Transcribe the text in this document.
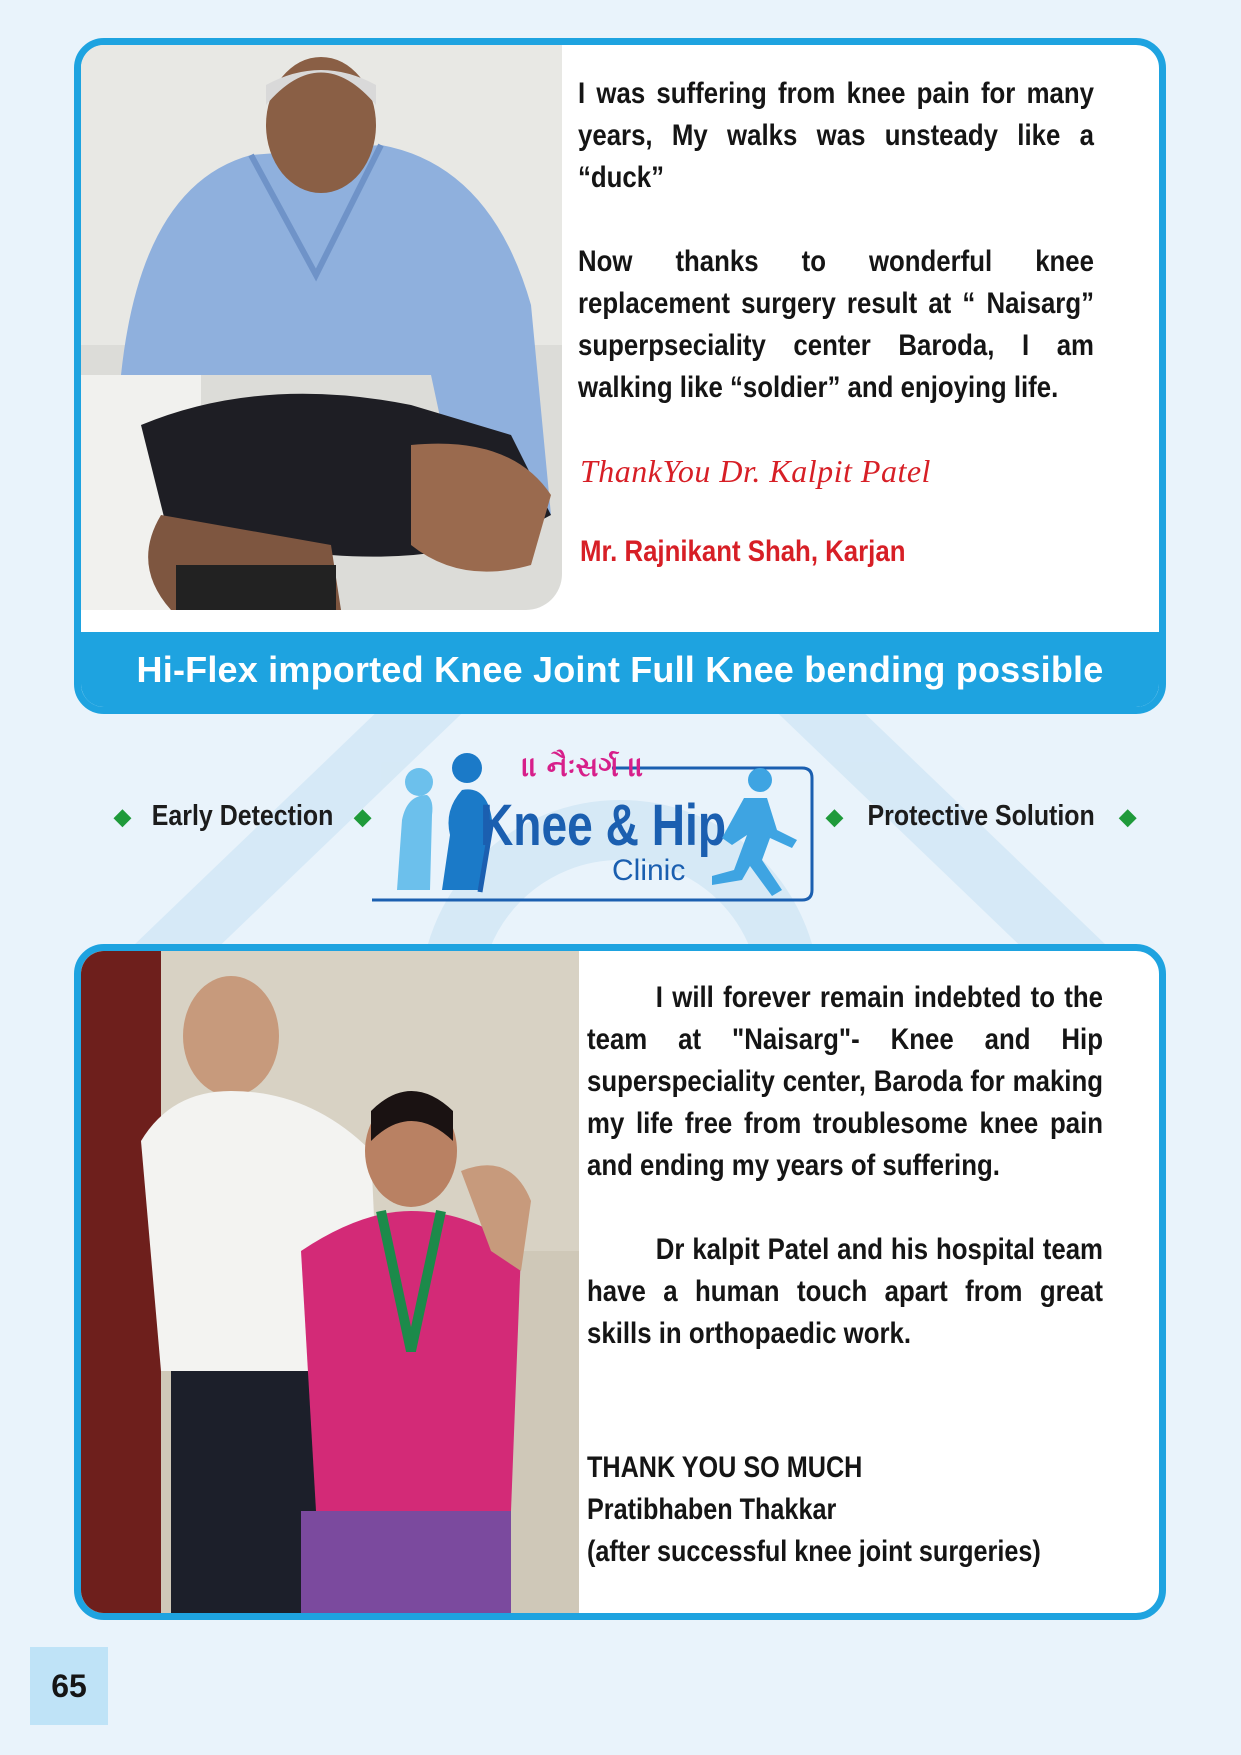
I was suffering from knee pain for many years, My walks was unsteady like a “duck”

Now thanks to wonderful knee replacement surgery result at “ Naisarg” superpseciality center Baroda, I am walking like “soldier” and enjoying life.

ThankYou Dr. Kalpit Patel
Mr. Rajnikant Shah, Karjan
Hi-Flex imported Knee Joint Full Knee bending possible
◆ Early Detection ◆
।। નૈઃસર્ગ ।।
Knee & Hip
Clinic
◆ Protective Solution ◆

I will forever remain indebted to the team at "Naisarg"- Knee and Hip superspeciality center, Baroda for making my life free from troublesome knee pain and ending my years of suffering.

Dr kalpit Patel and his hospital team have a human touch apart from great skills in orthopaedic work.

THANK YOU SO MUCH
Pratibhaben Thakkar
(after successful knee joint surgeries)
65
